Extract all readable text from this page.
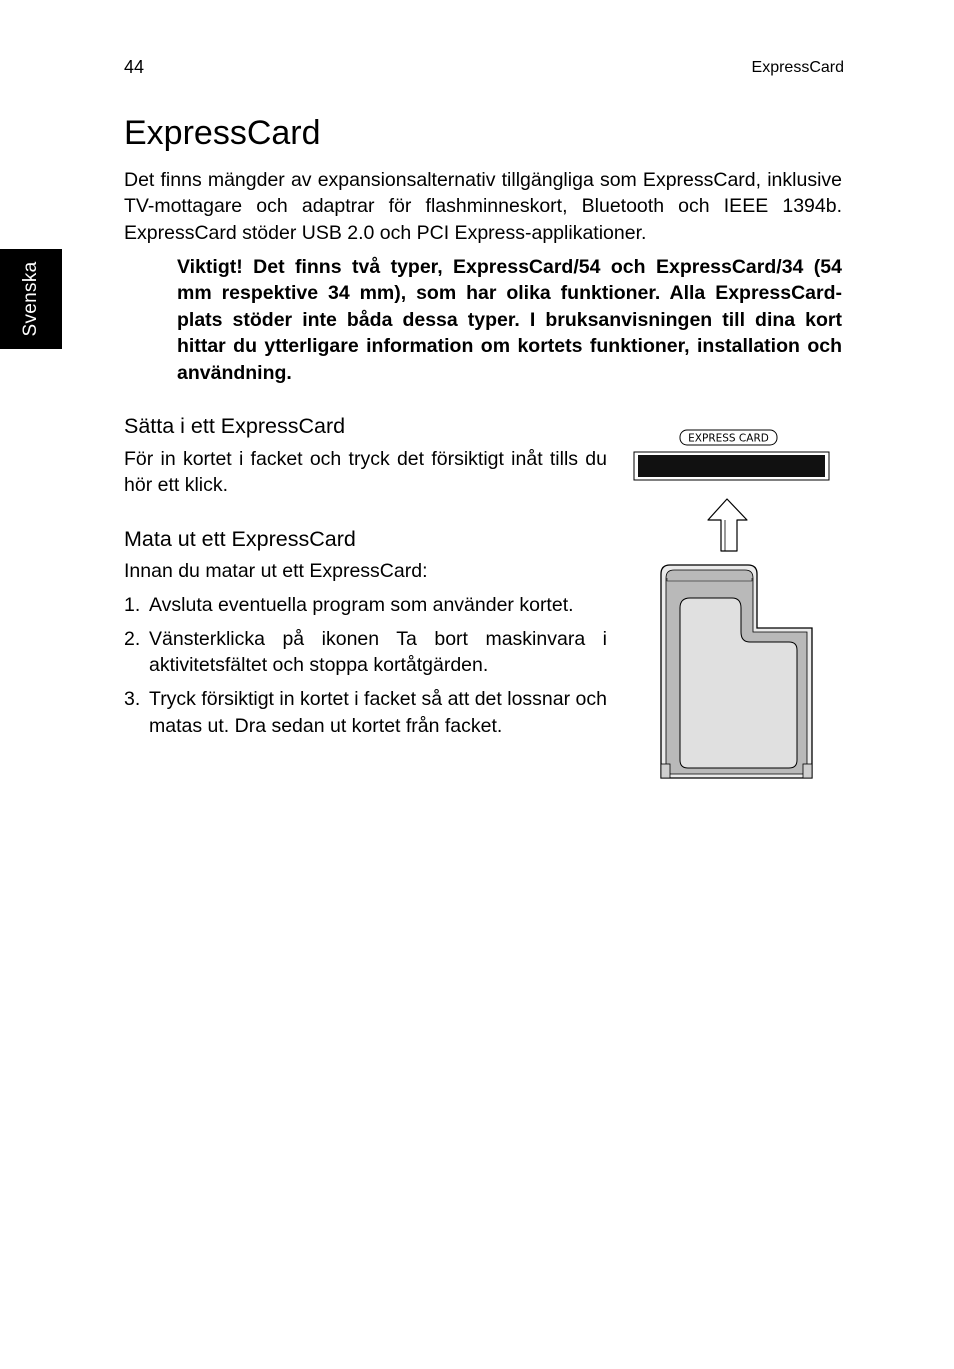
44	ExpressCard
Svenska
ExpressCard

Det finns mängder av expansionsalternativ tillgängliga som ExpressCard, inklusive TV-mottagare och adaptrar för flashminneskort, Bluetooth och IEEE 1394b. ExpressCard stöder USB 2.0 och PCI Express-applikationer.

Viktigt! Det finns två typer, ExpressCard/54 och ExpressCard/34 (54 mm respektive 34 mm), som har olika funktioner. Alla ExpressCard-plats stöder inte båda dessa typer. I bruksanvisningen till dina kort hittar du ytterligare information om kortets funktioner, installation och användning.

Sätta i ett ExpressCard

För in kortet i facket och tryck det försiktigt inåt tills du hör ett klick.

Mata ut ett ExpressCard

Innan du matar ut ett ExpressCard:

1. Avsluta eventuella program som använder kortet.
2. Vänsterklicka på ikonen Ta bort maskinvara i aktivitetsfältet och stoppa kortåtgärden.
3. Tryck försiktigt in kortet i facket så att det lossnar och matas ut. Dra sedan ut kortet från facket.
EXPRESS CARD
